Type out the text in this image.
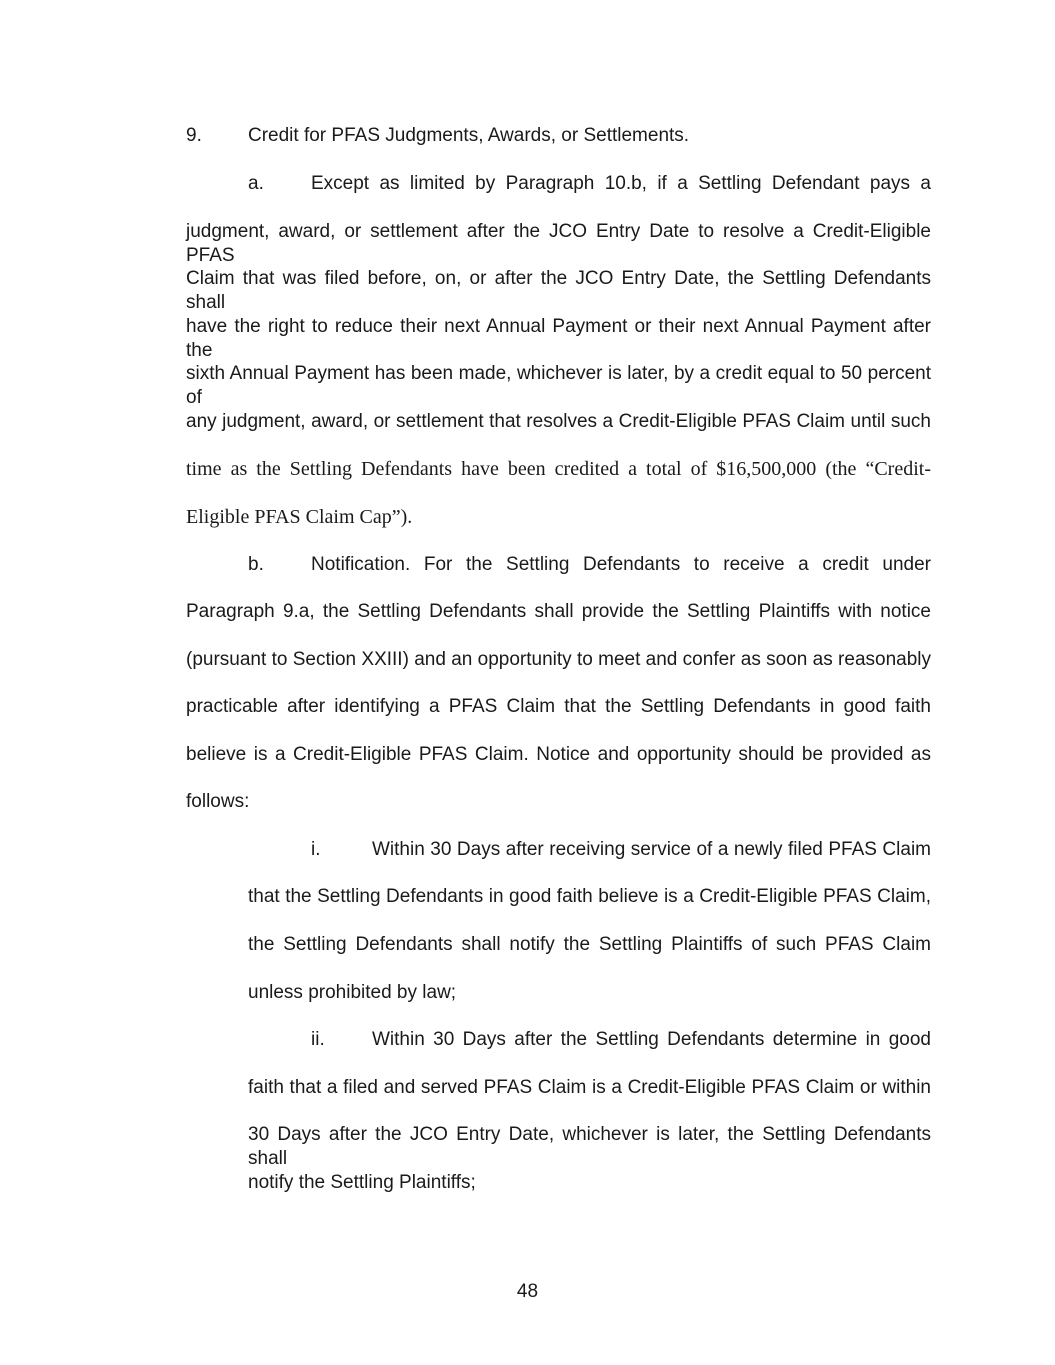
9. Credit for PFAS Judgments, Awards, or Settlements.
a. Except as limited by Paragraph 10.b, if a Settling Defendant pays a
judgment, award, or settlement after the JCO Entry Date to resolve a Credit-Eligible PFAS
Claim that was filed before, on, or after the JCO Entry Date, the Settling Defendants shall
have the right to reduce their next Annual Payment or their next Annual Payment after the
sixth Annual Payment has been made, whichever is later, by a credit equal to 50 percent of
any judgment, award, or settlement that resolves a Credit-Eligible PFAS Claim until such
time as the Settling Defendants have been credited a total of $16,500,000 (the “Credit-
Eligible PFAS Claim Cap”).
b. Notification. For the Settling Defendants to receive a credit under
Paragraph 9.a, the Settling Defendants shall provide the Settling Plaintiffs with notice
(pursuant to Section XXIII) and an opportunity to meet and confer as soon as reasonably
practicable after identifying a PFAS Claim that the Settling Defendants in good faith
believe is a Credit-Eligible PFAS Claim. Notice and opportunity should be provided as
follows:
i.	Within 30 Days after receiving service of a newly filed PFAS Claim
that the Settling Defendants in good faith believe is a Credit-Eligible PFAS Claim,
the Settling Defendants shall notify the Settling Plaintiffs of such PFAS Claim
unless prohibited by law;
ii. Within 30 Days after the Settling Defendants determine in good
faith that a filed and served PFAS Claim is a Credit-Eligible PFAS Claim or within
30 Days after the JCO Entry Date, whichever is later, the Settling Defendants shall
notify the Settling Plaintiffs;
48
